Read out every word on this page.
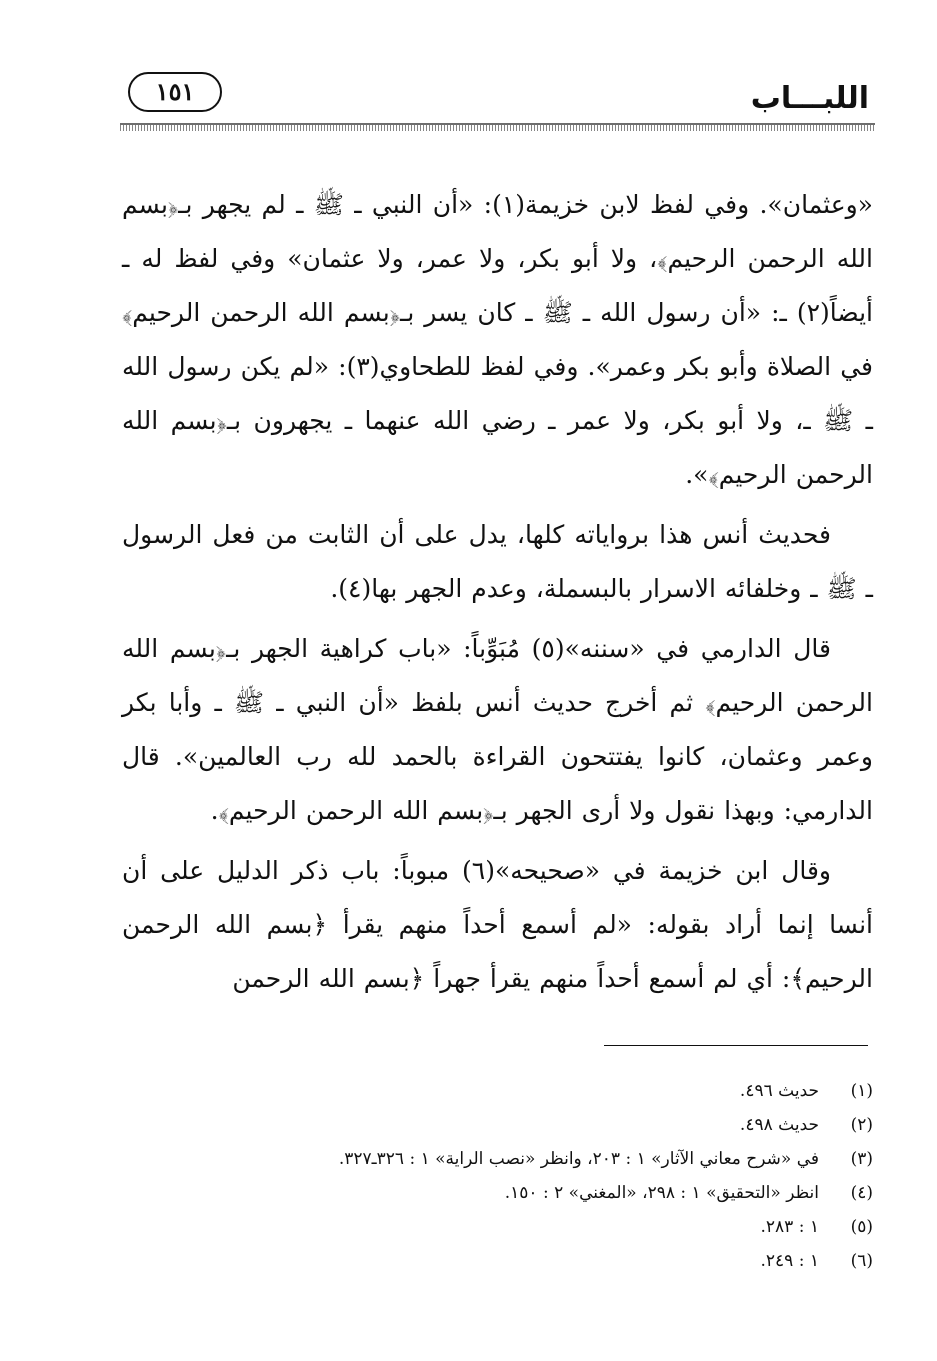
اللبـــاب
١٥١

«وعثمان». وفي لفظ لابن خزيمة(١): «أن النبي ـ ﷺ ـ لم يجهر بـ﴿بسم الله الرحمن الرحيم﴾، ولا أبو بكر، ولا عمر، ولا عثمان» وفي لفظ له ـ أيضاً(٢) ـ: «أن رسول الله ـ ﷺ ـ كان يسر بـ﴿بسم الله الرحمن الرحيم﴾ في الصلاة وأبو بكر وعمر». وفي لفظ للطحاوي(٣): «لم يكن رسول الله ـ ﷺ ـ، ولا أبو بكر، ولا عمر ـ رضي الله عنهما ـ يجهرون بـ﴿بسم الله الرحمن الرحيم﴾».

فحديث أنس هذا برواياته كلها، يدل على أن الثابت من فعل الرسول ـ ﷺ ـ وخلفائه الاسرار بالبسملة، وعدم الجهر بها(٤).

قال الدارمي في «سننه»(٥) مُبَوِّباً: «باب كراهية الجهر بـ﴿بسم الله الرحمن الرحيم﴾ ثم أخرج حديث أنس بلفظ «أن النبي ـ ﷺ ـ وأبا بكر وعمر وعثمان، كانوا يفتتحون القراءة بالحمد لله رب العالمين». قال الدارمي: وبهذا نقول ولا أرى الجهر بـ﴿بسم الله الرحمن الرحيم﴾.

وقال ابن خزيمة في «صحيحه»(٦) مبوباً: باب ذكر الدليل على أن أنسا إنما أراد بقوله: «لم أسمع أحداً منهم يقرأ ﴿بسم الله الرحمن الرحيم﴾: أي لم أسمع أحداً منهم يقرأ جهراً ﴿بسم الله الرحمن

(١)
حديث ٤٩٦.
(٢)
حديث ٤٩٨.
(٣)
في «شرح معاني الآثار» ١ : ٢٠٣، وانظر «نصب الراية» ١ : ٣٢٦ـ٣٢٧.
(٤)
انظر «التحقيق» ١ : ٢٩٨، «المغني» ٢ : ١٥٠.
(٥)
١ : ٢٨٣.
(٦)
١ : ٢٤٩.
